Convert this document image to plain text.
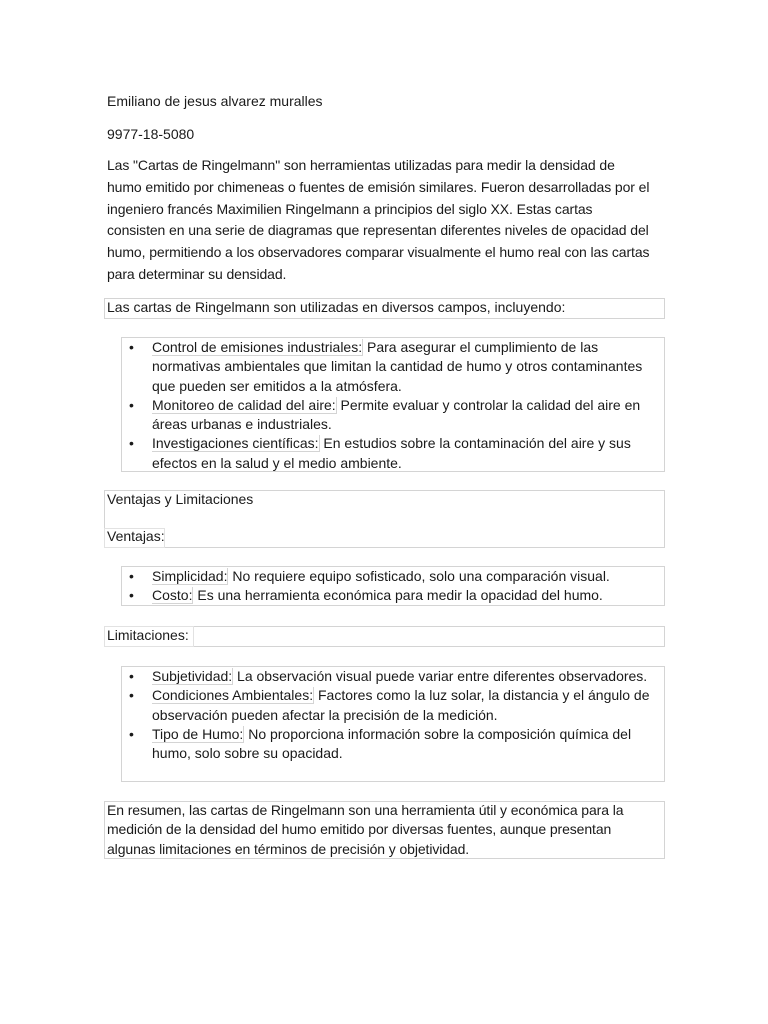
Emiliano de jesus alvarez muralles

9977-18-5080

Las "Cartas de Ringelmann" son herramientas utilizadas para medir la densidad de humo emitido por chimeneas o fuentes de emisión similares. Fueron desarrolladas por el ingeniero francés Maximilien Ringelmann a principios del siglo XX. Estas cartas consisten en una serie de diagramas que representan diferentes niveles de opacidad del humo, permitiendo a los observadores comparar visualmente el humo real con las cartas para determinar su densidad.

Las cartas de Ringelmann son utilizadas en diversos campos, incluyendo:

• Control de emisiones industriales: Para asegurar el cumplimiento de las normativas ambientales que limitan la cantidad de humo y otros contaminantes que pueden ser emitidos a la atmósfera.
• Monitoreo de calidad del aire: Permite evaluar y controlar la calidad del aire en áreas urbanas e industriales.
• Investigaciones científicas: En estudios sobre la contaminación del aire y sus efectos en la salud y el medio ambiente.

Ventajas y Limitaciones

Ventajas:

• Simplicidad: No requiere equipo sofisticado, solo una comparación visual.
• Costo: Es una herramienta económica para medir la opacidad del humo.

Limitaciones:

• Subjetividad: La observación visual puede variar entre diferentes observadores.
• Condiciones Ambientales: Factores como la luz solar, la distancia y el ángulo de observación pueden afectar la precisión de la medición.
• Tipo de Humo: No proporciona información sobre la composición química del humo, solo sobre su opacidad.

En resumen, las cartas de Ringelmann son una herramienta útil y económica para la medición de la densidad del humo emitido por diversas fuentes, aunque presentan algunas limitaciones en términos de precisión y objetividad.
